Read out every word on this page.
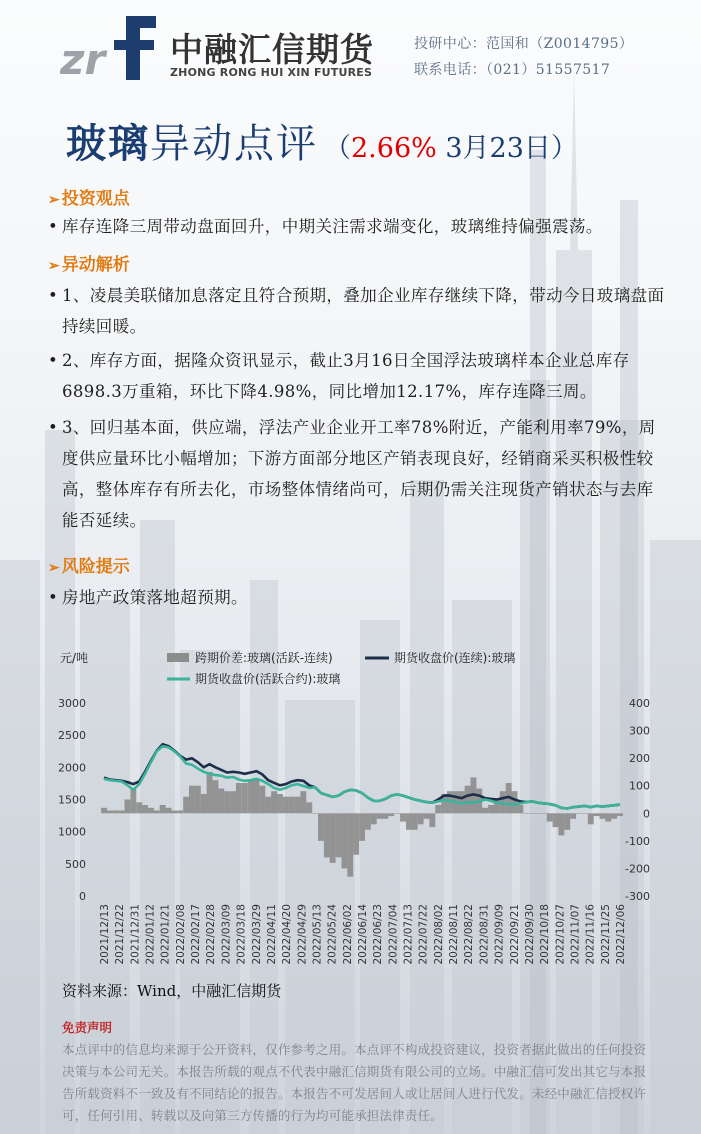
zr 中融汇信期货
ZHONG RONG HUI XIN FUTURES
投研中心：范国和（Z0014795）
联系电话：（021）51557517
玻璃异动点评 （2.66% 3月23日）
➢ 投资观点
• 库存连降三周带动盘面回升，中期关注需求端变化，玻璃维持偏强震荡。
➢ 异动解析
• 1、凌晨美联储加息落定且符合预期，叠加企业库存继续下降，带动今日玻璃盘面持续回暖。
• 2、库存方面，据隆众资讯显示，截止3月16日全国浮法玻璃样本企业总库存6898.3万重箱，环比下降4.98%，同比增加12.17%，库存连降三周。
• 3、回归基本面，供应端，浮法产业企业开工率78%附近，产能利用率79%，周度供应量环比小幅增加；下游方面部分地区产销表现良好，经销商采买积极性较高，整体库存有所去化，市场整体情绪尚可，后期仍需关注现货产销状态与去库能否延续。
➢ 风险提示
• 房地产政策落地超预期。
元/吨	跨期价差:玻璃(活跃-连续)	期货收盘价(连续):玻璃
期货收盘价(活跃合约):玻璃
0
500
1000
1500
2000
2500
3000
-300
-200
-100
0
100
200
300
400
2021/12/13 2021/12/22 2021/12/31 2022/01/12 2022/01/21 2022/02/08 2022/02/17 2022/02/28 2022/03/09 2022/03/18 2022/03/29 2022/04/11 2022/04/20 2022/04/29 2022/05/13 2022/05/24 2022/06/02 2022/06/14 2022/06/23 2022/07/04 2022/07/13 2022/07/22 2022/08/02 2022/08/11 2022/08/22 2022/08/31 2022/09/09 2022/09/21 2022/09/30 2022/10/18 2022/10/27 2022/11/07 2022/11/16 2022/11/25 2022/12/06
资料来源：Wind，中融汇信期货
免责声明
本点评中的信息均来源于公开资料，仅作参考之用。本点评不构成投资建议，投资者据此做出的任何投资决策与本公司无关。本报告所载的观点不代表中融汇信期货有限公司的立场。中融汇信可发出其它与本报告所载资料不一致及有不同结论的报告。本报告不可发居间人或让居间人进行代发。未经中融汇信授权许可，任何引用、转载以及向第三方传播的行为均可能承担法律责任。
